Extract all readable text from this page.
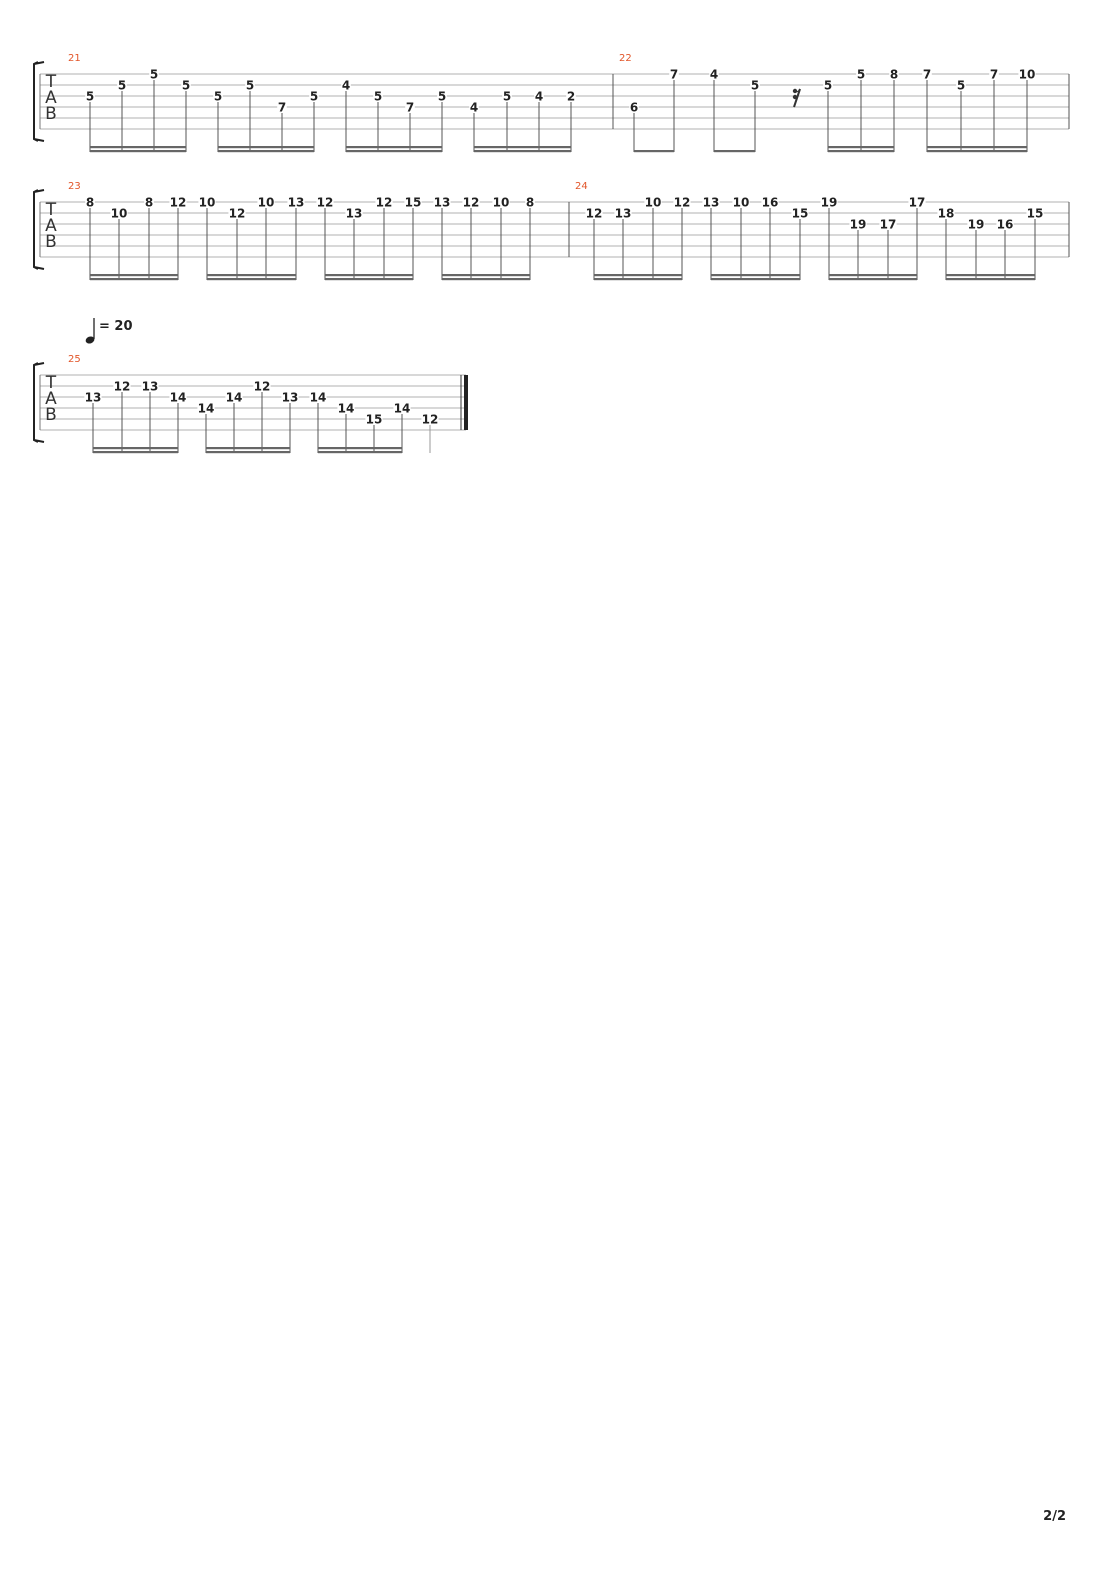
T
A
B
21
5
5
5
5
5
5
7
5
4
5
7
5
4
5 4 2
22
6
7	4
5	5
5 8 7
5
7 10
T
A
B
23
8
10
8 12 10
12
10 13 12
13
12 15 13 12 10 8
24
12 13
10 12 13 10 16
15
19
19 17
17
18
19 16
15
T
A
B
= 20
25
13
12 13
14
14
14
12
13 14
14
15
14
12
2/2
